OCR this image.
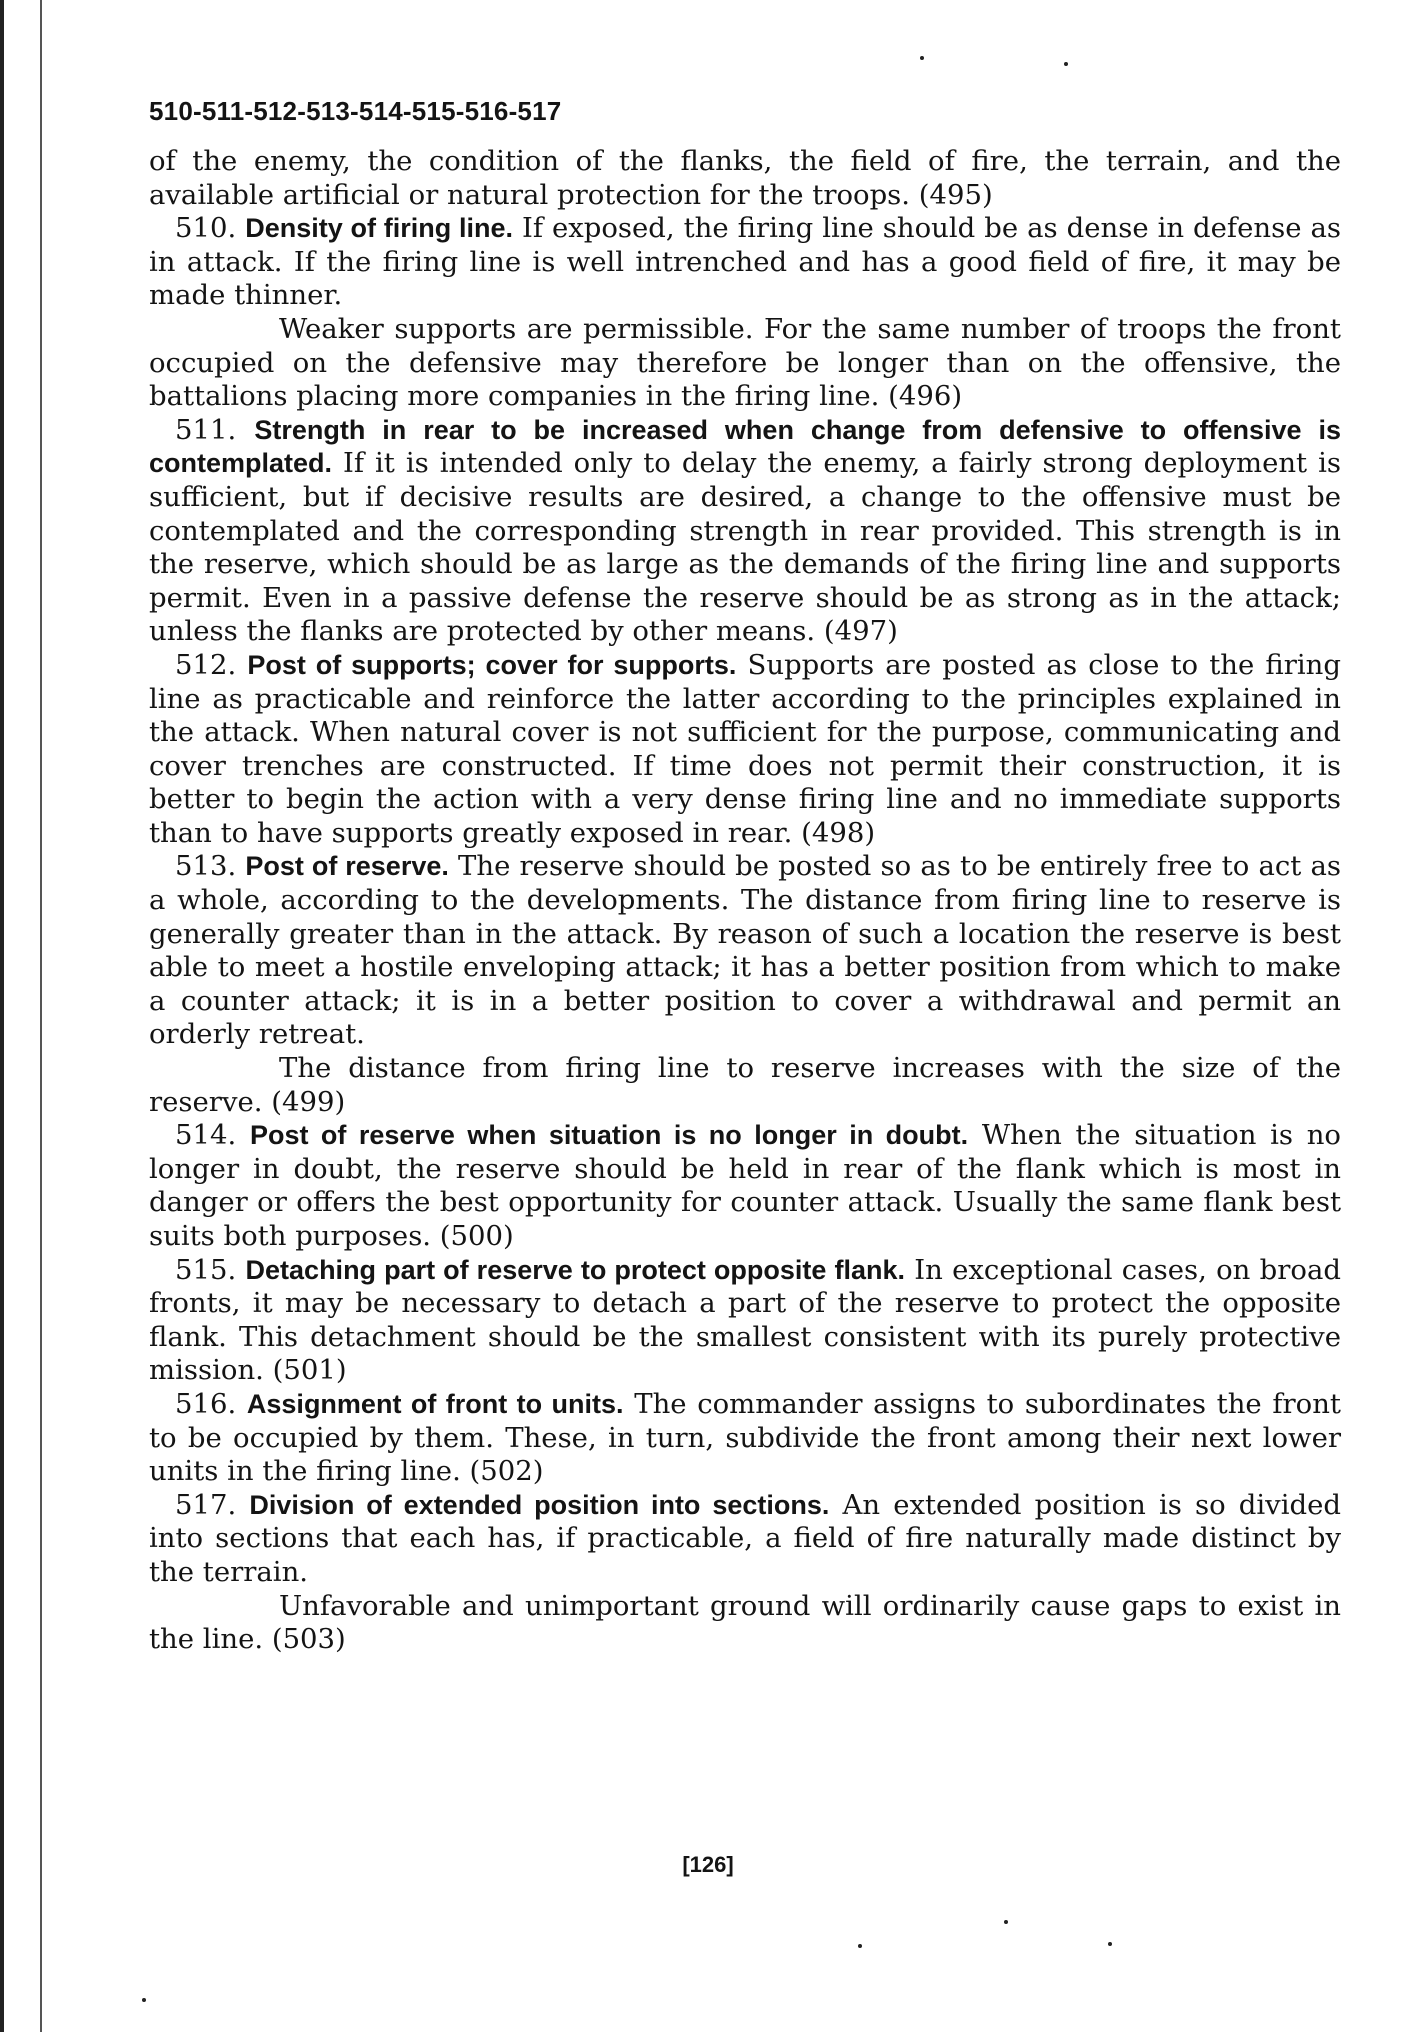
510-511-512-513-514-515-516-517

of the enemy, the condition of the flanks, the field of fire, the terrain, and the available artificial or natural protection for the troops. (495)

510. Density of firing line. If exposed, the firing line should be as dense in defense as in attack. If the firing line is well intrenched and has a good field of fire, it may be made thinner.

Weaker supports are permissible. For the same number of troops the front occupied on the defensive may therefore be longer than on the offensive, the battalions placing more companies in the firing line. (496)

511. Strength in rear to be increased when change from defensive to offensive is contemplated. If it is intended only to delay the enemy, a fairly strong deployment is sufficient, but if decisive results are desired, a change to the offensive must be contemplated and the corresponding strength in rear provided. This strength is in the reserve, which should be as large as the demands of the firing line and supports permit. Even in a passive defense the reserve should be as strong as in the attack; unless the flanks are protected by other means. (497)

512. Post of supports; cover for supports. Supports are posted as close to the firing line as practicable and reinforce the latter according to the principles explained in the attack. When natural cover is not sufficient for the purpose, communicating and cover trenches are constructed. If time does not permit their construction, it is better to begin the action with a very dense firing line and no immediate supports than to have supports greatly exposed in rear. (498)

513. Post of reserve. The reserve should be posted so as to be entirely free to act as a whole, according to the developments. The distance from firing line to reserve is generally greater than in the attack. By reason of such a location the reserve is best able to meet a hostile enveloping attack; it has a better position from which to make a counter attack; it is in a better position to cover a withdrawal and permit an orderly retreat.

The distance from firing line to reserve increases with the size of the reserve. (499)

514. Post of reserve when situation is no longer in doubt. When the situation is no longer in doubt, the reserve should be held in rear of the flank which is most in danger or offers the best opportunity for counter attack. Usually the same flank best suits both purposes. (500)

515. Detaching part of reserve to protect opposite flank. In exceptional cases, on broad fronts, it may be necessary to detach a part of the reserve to protect the opposite flank. This detachment should be the smallest consistent with its purely protective mission. (501)

516. Assignment of front to units. The commander assigns to subordinates the front to be occupied by them. These, in turn, subdivide the front among their next lower units in the firing line. (502)

517. Division of extended position into sections. An extended position is so divided into sections that each has, if practicable, a field of fire naturally made distinct by the terrain.

Unfavorable and unimportant ground will ordinarily cause gaps to exist in the line. (503)

[126]
